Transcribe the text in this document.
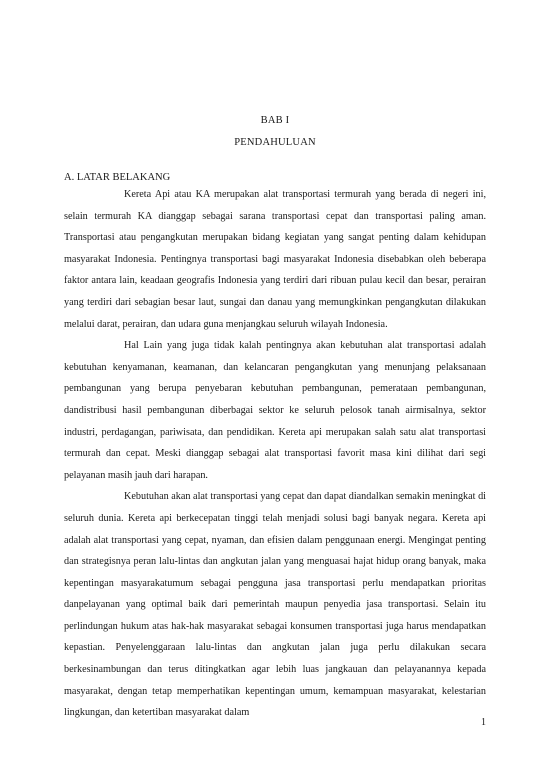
BAB I
PENDAHULUAN
A. LATAR BELAKANG

Kereta Api atau KA merupakan alat transportasi termurah yang berada di negeri ini, selain termurah KA dianggap sebagai sarana transportasi cepat dan transportasi paling aman. Transportasi atau pengangkutan merupakan bidang kegiatan yang sangat penting dalam kehidupan masyarakat Indonesia. Pentingnya transportasi bagi masyarakat Indonesia disebabkan oleh beberapa faktor antara lain, keadaan geografis Indonesia yang terdiri dari ribuan pulau kecil dan besar, perairan yang terdiri dari sebagian besar laut, sungai dan danau yang memungkinkan pengangkutan dilakukan melalui darat, perairan, dan udara guna menjangkau seluruh wilayah Indonesia.

Hal Lain yang juga tidak kalah pentingnya akan kebutuhan alat transportasi adalah kebutuhan kenyamanan, keamanan, dan kelancaran pengangkutan yang menunjang pelaksanaan pembangunan yang berupa penyebaran kebutuhan pembangunan, pemerataan pembangunan, dandistribusi hasil pembangunan diberbagai sektor ke seluruh pelosok tanah airmisalnya, sektor industri, perdagangan, pariwisata, dan pendidikan. Kereta api merupakan salah satu alat transportasi termurah dan cepat. Meski dianggap sebagai alat transportasi favorit masa kini dilihat dari segi pelayanan masih jauh dari harapan.

Kebutuhan akan alat transportasi yang cepat dan dapat diandalkan semakin meningkat di seluruh dunia. Kereta api berkecepatan tinggi telah menjadi solusi bagi banyak negara. Kereta api adalah alat transportasi yang cepat, nyaman, dan efisien dalam penggunaan energi. Mengingat penting dan strategisnya peran lalu-lintas dan angkutan jalan yang menguasai hajat hidup orang banyak, maka kepentingan masyarakatumum sebagai pengguna jasa transportasi perlu mendapatkan prioritas danpelayanan yang optimal baik dari pemerintah maupun penyedia jasa transportasi. Selain itu perlindungan hukum atas hak-hak masyarakat sebagai konsumen transportasi juga harus mendapatkan kepastian. Penyelenggaraan lalu-lintas dan angkutan jalan juga perlu dilakukan secara berkesinambungan dan terus ditingkatkan agar lebih luas jangkauan dan pelayanannya kepada masyarakat, dengan tetap memperhatikan kepentingan umum, kemampuan masyarakat, kelestarian lingkungan, dan ketertiban masyarakat dalam

1
